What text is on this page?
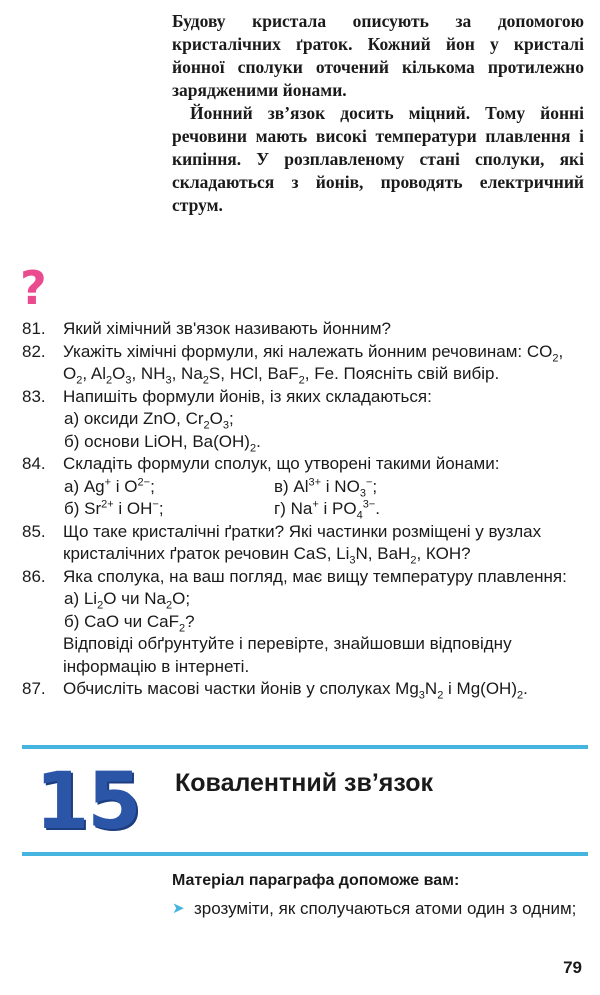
Будову кристала описують за допомогою кристалічних ґраток. Кожний йон у кристалі йонної сполуки оточений кількома протилежно зарядженими йонами.

Йонний зв’язок досить міцний. Тому йонні речовини мають високі температури плавлення і кипіння. У розплавленому стані сполуки, які складаються з йонів, проводять електричний струм.

?
81.	Який хімічний зв'язок називають йонним?
82.	Укажіть хімічні формули, які належать йонним речовинам: $CO_2$,
$O_2$, $Al_2O_3$, $NH_3$, $Na_2S$, HCl, BaF$_2$, Fe. Поясніть свій вибір.
83.	Напишіть формули йонів, із яких складаються:
а) оксиди ZnO, $Cr_2O_3$;
б) основи LiOH, $Ba(OH)_2$.
84.	Складіть формули сполук, що утворені такими йонами:
а) Ag+ і $O^{2-}$;	в) $Al^{3+}$ і $NO_3^-$;
б) $Sr^{2+}$ і OH−;	г) Na+ і $PO_4^{3-}$.
85.	Що таке кристалічні ґратки? Які частинки розміщені у вузлах кристалічних ґраток речовин CaS, $Li_3N$, BaH$_2$, КОН?
86.	Яка сполука, на ваш погляд, має вищу температуру плавлення:
а) $Li_2O$ чи $Na_2O$;
б) CaO чи CaF$_2$?
Відповіді обґрунтуйте і перевірте, знайшовши відповідну інформацію в інтернеті.
87.	Обчисліть масові частки йонів у сполуках $Mg_3N_2$ і $Mg(OH)_2$.
15 Ковалентний зв’язок
Матеріал параграфа допоможе вам:
➤ зрозуміти, як сполучаються атоми один з одним;
79
